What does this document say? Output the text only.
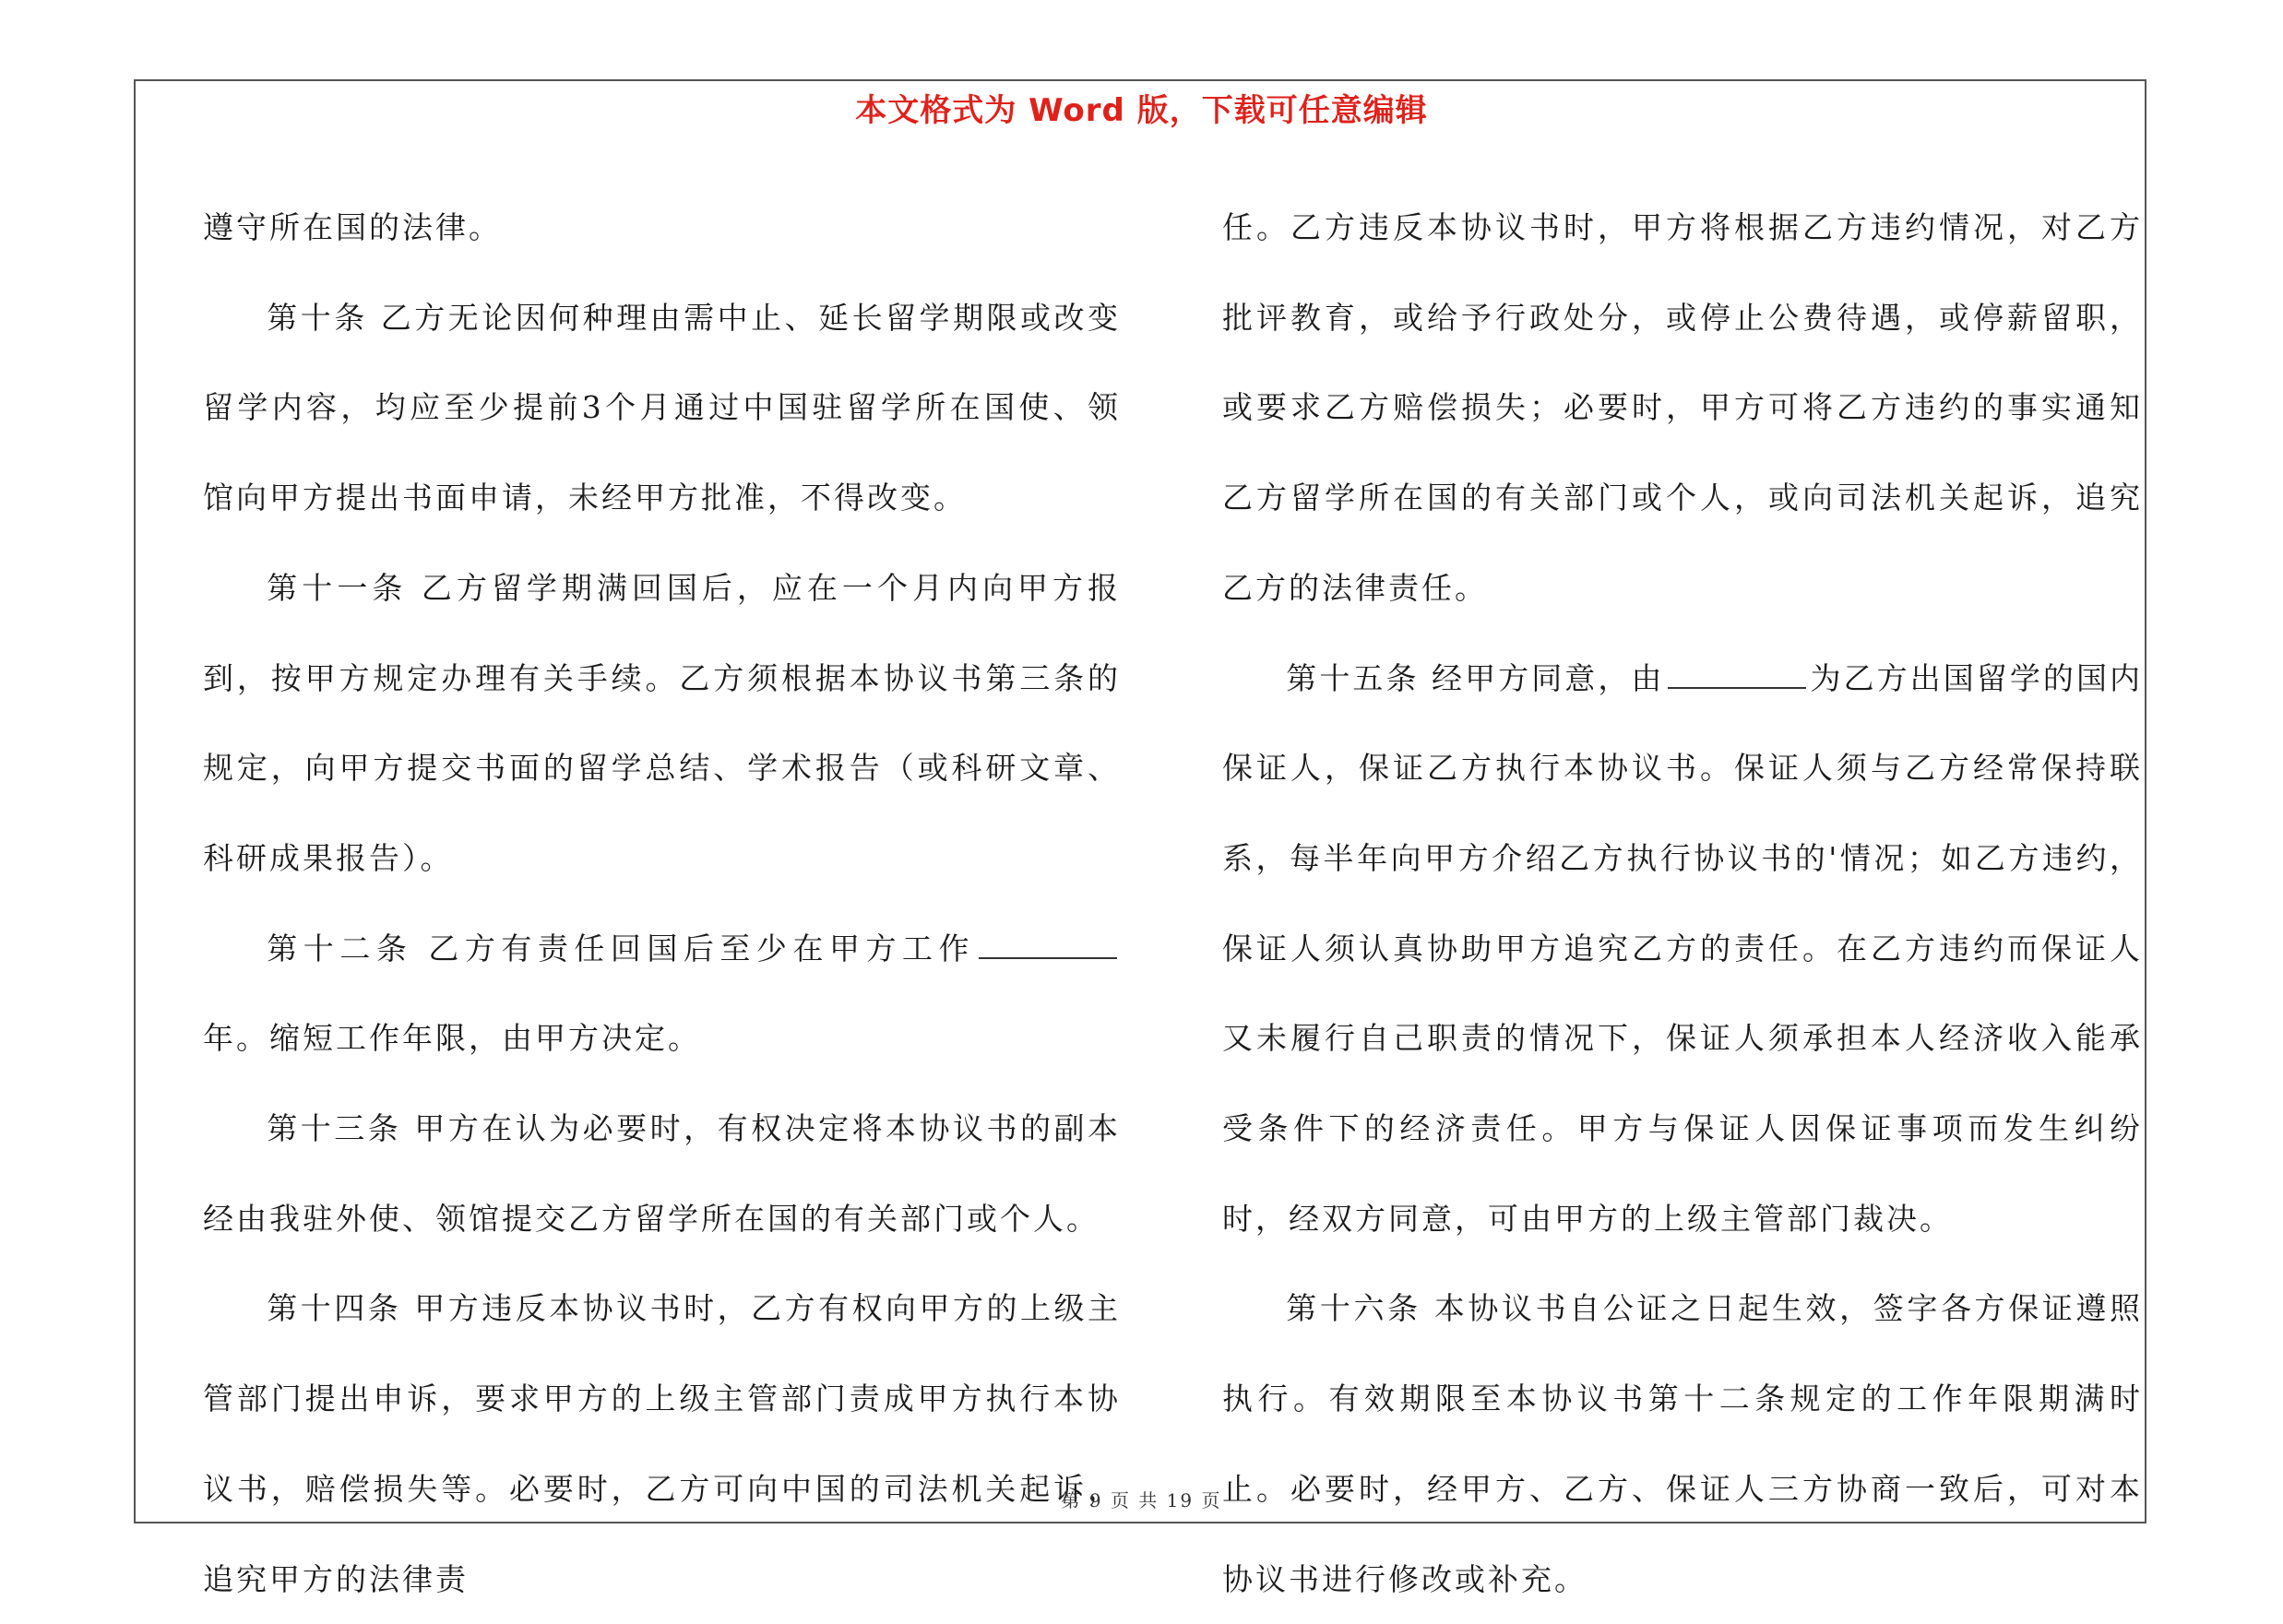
本文格式为 Word 版，下载可任意编辑

遵守所在国的法律。

第十条 乙方无论因何种理由需中止、延长留学期限或改变留学内容，均应至少提前3个月通过中国驻留学所在国使、领馆向甲方提出书面申请，未经甲方批准，不得改变。

第十一条 乙方留学期满回国后，应在一个月内向甲方报到，按甲方规定办理有关手续。乙方须根据本协议书第三条的规定，向甲方提交书面的留学总结、学术报告（或科研文章、科研成果报告）。

第十二条 乙方有责任回国后至少在甲方工作 年。缩短工作年限，由甲方决定。

第十三条 甲方在认为必要时，有权决定将本协议书的副本经由我驻外使、领馆提交乙方留学所在国的有关部门或个人。

第十四条 甲方违反本协议书时，乙方有权向甲方的上级主管部门提出申诉，要求甲方的上级主管部门责成甲方执行本协议书，赔偿损失等。必要时，乙方可向中国的司法机关起诉，追究甲方的法律责

任。乙方违反本协议书时，甲方将根据乙方违约情况，对乙方批评教育，或给予行政处分，或停止公费待遇，或停薪留职，或要求乙方赔偿损失；必要时，甲方可将乙方违约的事实通知乙方留学所在国的有关部门或个人，或向司法机关起诉，追究乙方的法律责任。

第十五条 经甲方同意，由	为乙方出国留学的国内保证人，保证乙方执行本协议书。保证人须与乙方经常保持联系，每半年向甲方介绍乙方执行协议书的'情况；如乙方违约，保证人须认真协助甲方追究乙方的责任。在乙方违约而保证人又未履行自己职责的情况下，保证人须承担本人经济收入能承受条件下的经济责任。甲方与保证人因保证事项而发生纠纷时，经双方同意，可由甲方的上级主管部门裁决。

第十六条 本协议书自公证之日起生效，签字各方保证遵照执行。有效期限至本协议书第十二条规定的工作年限期满时止。必要时，经甲方、乙方、保证人三方协商一致后，可对本协议书进行修改或补充。

第 9 页 共 19 页
